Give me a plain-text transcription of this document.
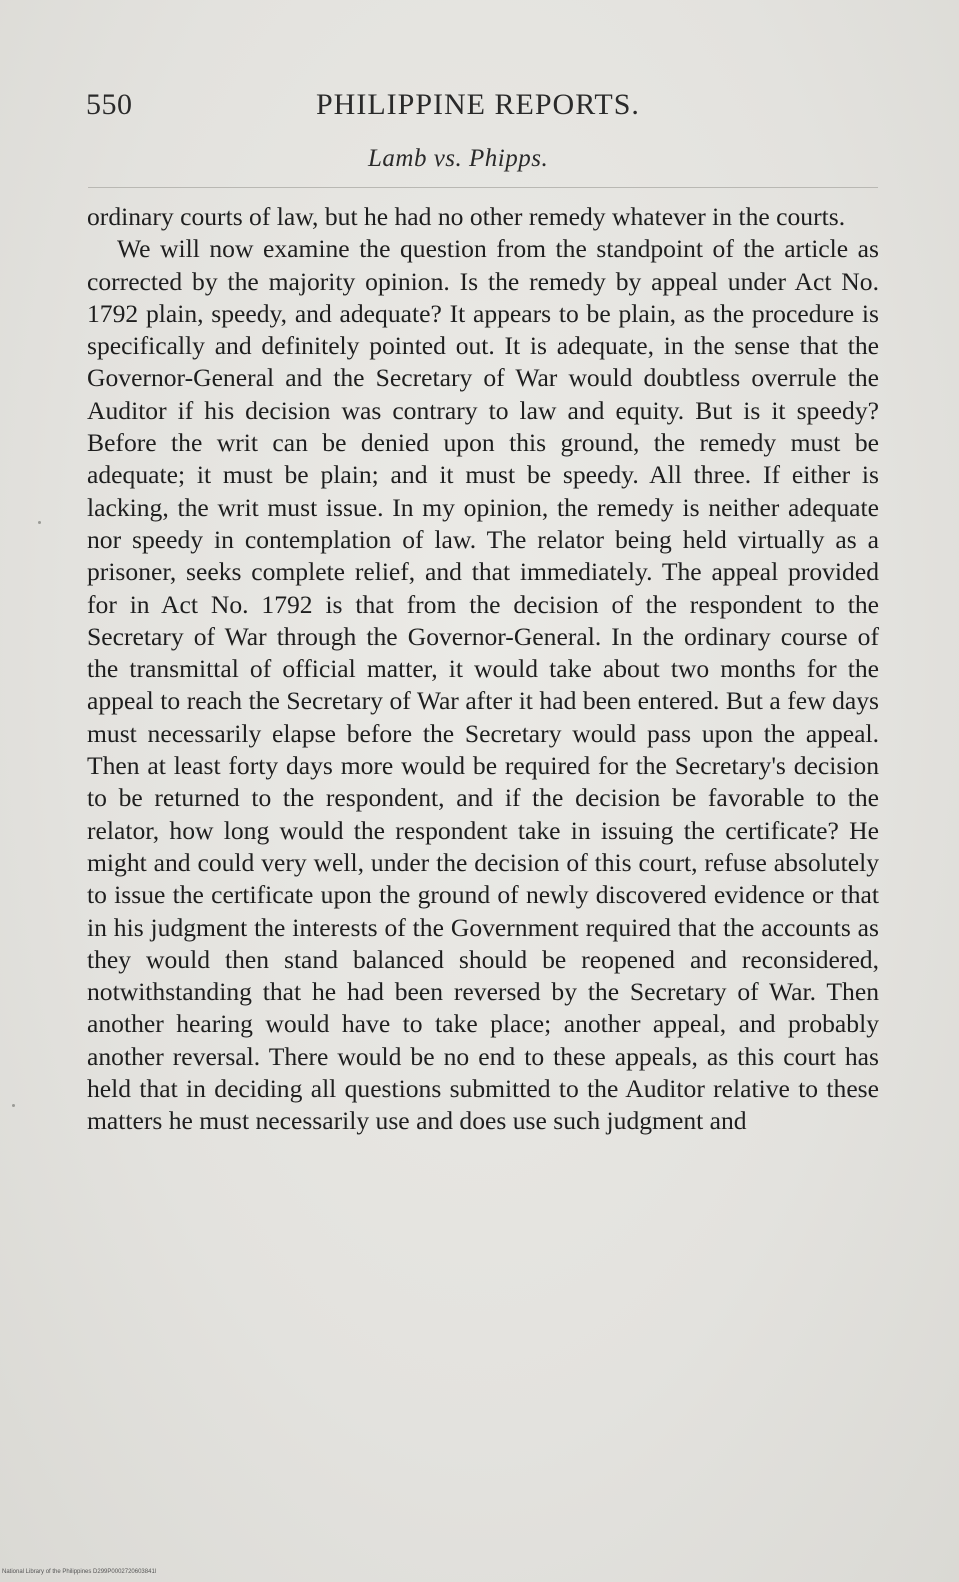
550	PHILIPPINE REPORTS.
Lamb vs. Phipps.

ordinary courts of law, but he had no other remedy whatever in the courts.

We will now examine the question from the standpoint of the article as corrected by the majority opinion. Is the remedy by appeal under Act No. 1792 plain, speedy, and adequate? It appears to be plain, as the procedure is specifically and definitely pointed out. It is adequate, in the sense that the Governor-General and the Secretary of War would doubtless overrule the Auditor if his decision was contrary to law and equity. But is it speedy? Before the writ can be denied upon this ground, the remedy must be adequate; it must be plain; and it must be speedy. All three. If either is lacking, the writ must issue. In my opinion, the remedy is neither adequate nor speedy in contemplation of law. The relator being held virtually as a prisoner, seeks complete relief, and that immediately. The appeal provided for in Act No. 1792 is that from the decision of the respondent to the Secretary of War through the Governor-General. In the ordinary course of the transmittal of official matter, it would take about two months for the appeal to reach the Secretary of War after it had been entered. But a few days must necessarily elapse before the Secretary would pass upon the appeal. Then at least forty days more would be required for the Secretary's decision to be returned to the respondent, and if the decision be favorable to the relator, how long would the respondent take in issuing the certificate? He might and could very well, under the decision of this court, refuse absolutely to issue the certificate upon the ground of newly discovered evidence or that in his judgment the interests of the Government required that the accounts as they would then stand balanced should be reopened and reconsidered, notwithstanding that he had been reversed by the Secretary of War. Then another hearing would have to take place; another appeal, and probably another reversal. There would be no end to these appeals, as this court has held that in deciding all questions submitted to the Auditor relative to these matters he must necessarily use and does use such judgment and

National Library of the Philippines D299P0002720603841l
